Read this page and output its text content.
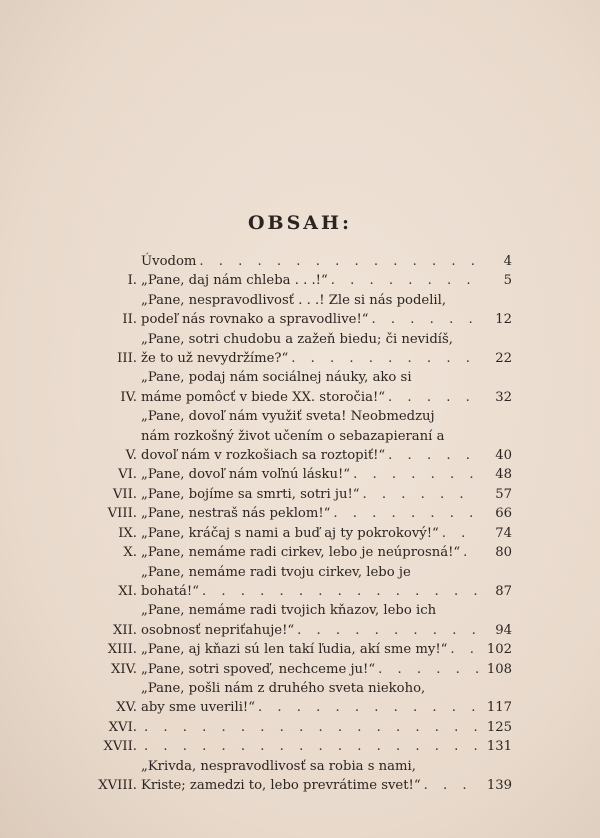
OBSAH:
Úvodom . . .	4
I. „Pane, daj nám chleba . . .!“ . . .	5
II.
„Pane, nespravodlivosť . . .! Zle si nás podelil,
podeľ nás rovnako a spravodlive!“ . . .	12
III.
„Pane, sotri chudobu a zažeň biedu; či nevidíš,
že to už nevydržíme?“ . . .	22
IV.
„Pane, podaj nám sociálnej náuky, ako si
máme pomôcť v biede XX. storočia!“ . . .	32
V.
„Pane, dovoľ nám využiť sveta! Neobmedzuj
nám rozkošný život učením o sebazapieraní a
dovoľ nám v rozkošiach sa roztopiť!“ . . .	40
VI. „Pane, dovoľ nám voľnú lásku!“ . . .	48
VII. „Pane, bojíme sa smrti, sotri ju!“ . . .	57
VIII. „Pane, nestraš nás peklom!“ . . .	66
IX. „Pane, kráčaj s nami a buď aj ty pokrokový!“ . . .	74
X. „Pane, nemáme radi cirkev, lebo je neúprosná!“ . . .	80
XI.
„Pane, nemáme radi tvoju cirkev, lebo je
bohatá!“ . . .	87
XII.
„Pane, nemáme radi tvojich kňazov, lebo ich
osobnosť nepriťahuje!“ . . .	94
XIII. „Pane, aj kňazi sú len takí ľudia, akí sme my!“ . . .	102
XIV. „Pane, sotri spoveď, nechceme ju!“ . . .	108
XV.
„Pane, pošli nám z druhého sveta niekoho,
aby sme uverili!“ . . .	117
XVI. . . .	125
XVII. . . .	131
XVIII.
„Krivda, nespravodlivosť sa robia s nami,
Kriste; zamedzi to, lebo prevrátime svet!“ . . .	139
